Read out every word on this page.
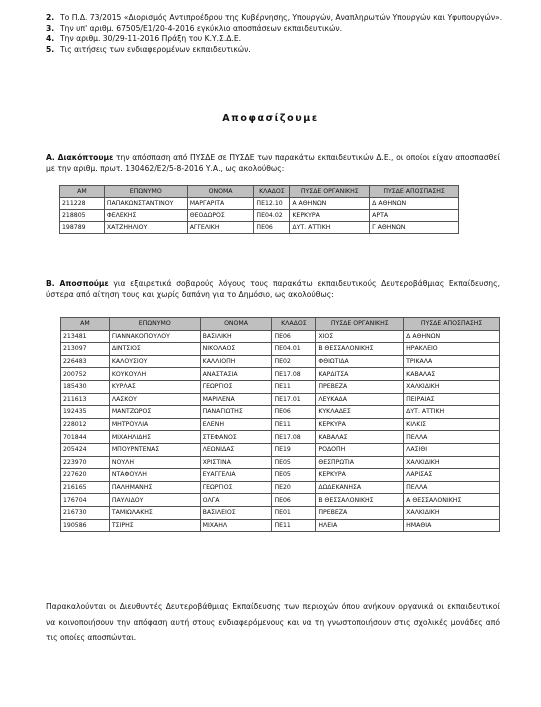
2. Το Π.Δ. 73/2015 «Διορισμός Αντιπροέδρου της Κυβέρνησης, Υπουργών, Αναπληρωτών Υπουργών και Υφυπουργών».
3. Την υπ' αριθμ. 67505/Ε1/20-4-2016 εγκύκλιο αποσπάσεων εκπαιδευτικών.
4. Την αριθμ. 30/29-11-2016 Πράξη του Κ.Υ.Σ.Δ.Ε.
5. Τις αιτήσεις των ενδιαφερομένων εκπαιδευτικών.
Αποφασίζουμε

Α. Διακόπτουμε την απόσπαση από ΠΥΣΔΕ σε ΠΥΣΔΕ των παρακάτω εκπαιδευτικών Δ.Ε., οι οποίοι είχαν αποσπασθεί με την αριθμ. πρωτ. 130462/Ε2/5-8-2016 Υ.Α., ως ακολούθως:

ΑΜ	ΕΠΩΝΥΜΟ	ΟΝΟΜΑ	ΚΛΑΔΟΣ	ΠΥΣΔΕ ΟΡΓΑΝΙΚΗΣ	ΠΥΣΔΕ ΑΠΟΣΠΑΣΗΣ
211228	ΠΑΠΑΚΩΝΣΤΑΝΤΙΝΟΥ	ΜΑΡΓΑΡΙΤΑ	ΠΕ12.10	Α ΑΘΗΝΩΝ	Δ ΑΘΗΝΩΝ
218805	ΦΕΛΕΚΗΣ	ΘΕΟΔΩΡΟΣ	ΠΕ04.02	ΚΕΡΚΥΡΑ	ΑΡΤΑ
198789	ΧΑΤΖΗΗΛΙΟΥ	ΑΓΓΕΛΙΚΗ	ΠΕ06	ΔΥΤ. ΑΤΤΙΚΗ	Γ ΑΘΗΝΩΝ

Β. Αποσπούμε για εξαιρετικά σοβαρούς λόγους τους παρακάτω εκπαιδευτικούς Δευτεροβάθμιας Εκπαίδευσης, ύστερα από αίτηση τους και χωρίς δαπάνη για το Δημόσιο, ως ακολούθως:

ΑΜ	ΕΠΩΝΥΜΟ	ΟΝΟΜΑ	ΚΛΑΔΟΣ	ΠΥΣΔΕ ΟΡΓΑΝΙΚΗΣ	ΠΥΣΔΕ ΑΠΟΣΠΑΣΗΣ
213481	ΓΙΑΝΝΑΚΟΠΟΥΛΟΥ	ΒΑΣΙΛΙΚΗ	ΠΕ06	ΧΙΟΣ	Δ ΑΘΗΝΩΝ
213097	ΔΙΝΤΣΙΟΣ	ΝΙΚΟΛΑΟΣ	ΠΕ04.01	Β ΘΕΣΣΑΛΟΝΙΚΗΣ	ΗΡΑΚΛΕΙΟ
226483	ΚΑΛΟΥΣΙΟΥ	ΚΑΛΛΙΟΠΗ	ΠΕ02	ΦΘΙΩΤΙΔΑ	ΤΡΙΚΑΛΑ
200752	ΚΟΥΚΟΥΛΗ	ΑΝΑΣΤΑΣΙΑ	ΠΕ17.08	ΚΑΡΔΙΤΣΑ	ΚΑΒΑΛΑΣ
185430	ΚΥΡΛΑΣ	ΓΕΩΡΓΙΟΣ	ΠΕ11	ΠΡΕΒΕΖΑ	ΧΑΛΚΙΔΙΚΗ
211613	ΛΑΣΚΟΥ	ΜΑΡΙΛΕΝΑ	ΠΕ17.01	ΛΕΥΚΑΔΑ	ΠΕΙΡΑΙΑΣ
192435	ΜΑΝΤΖΩΡΟΣ	ΠΑΝΑΓΙΩΤΗΣ	ΠΕ06	ΚΥΚΛΑΔΕΣ	ΔΥΤ. ΑΤΤΙΚΗ
228012	ΜΗΤΡΟΥΛΙΑ	ΕΛΕΝΗ	ΠΕ11	ΚΕΡΚΥΡΑ	ΚΙΛΚΙΣ
701844	ΜΙΧΑΗΛΙΔΗΣ	ΣΤΕΦΑΝΟΣ	ΠΕ17.08	ΚΑΒΑΛΑΣ	ΠΕΛΛΑ
205424	ΜΠΟΥΡΝΤΕΝΑΣ	ΛΕΩΝΙΔΑΣ	ΠΕ19	ΡΟΔΟΠΗ	ΛΑΣΙΘΙ
223970	ΝΟΥΛΗ	ΧΡΙΣΤΙΝΑ	ΠΕ05	ΘΕΣΠΡΩΤΙΑ	ΧΑΛΚΙΔΙΚΗ
227620	ΝΤΑΦΟΥΛΗ	ΕΥΑΓΓΕΛΙΑ	ΠΕ05	ΚΕΡΚΥΡΑ	ΛΑΡΙΣΑΣ
216165	ΠΑΛΗΜΑΝΗΣ	ΓΕΩΡΓΙΟΣ	ΠΕ20	ΔΩΔΕΚΑΝΗΣΑ	ΠΕΛΛΑ
176704	ΠΑΥΛΙΔΟΥ	ΟΛΓΑ	ΠΕ06	Β ΘΕΣΣΑΛΟΝΙΚΗΣ	Α ΘΕΣΣΑΛΟΝΙΚΗΣ
216730	ΤΑΜΙΩΛΑΚΗΣ	ΒΑΣΙΛΕΙΟΣ	ΠΕ01	ΠΡΕΒΕΖΑ	ΧΑΛΚΙΔΙΚΗ
190586	ΤΣΙΡΗΣ	ΜΙΧΑΗΛ	ΠΕ11	ΗΛΕΙΑ	ΗΜΑΘΙΑ

Παρακαλούνται οι Διευθυντές Δευτεροβάθμιας Εκπαίδευσης των περιοχών όπου ανήκουν οργανικά οι εκπαιδευτικοί να κοινοποιήσουν την απόφαση αυτή στους ενδιαφερόμενους και να τη γνωστοποιήσουν στις σχολικές μονάδες από τις οποίες αποσπώνται.
